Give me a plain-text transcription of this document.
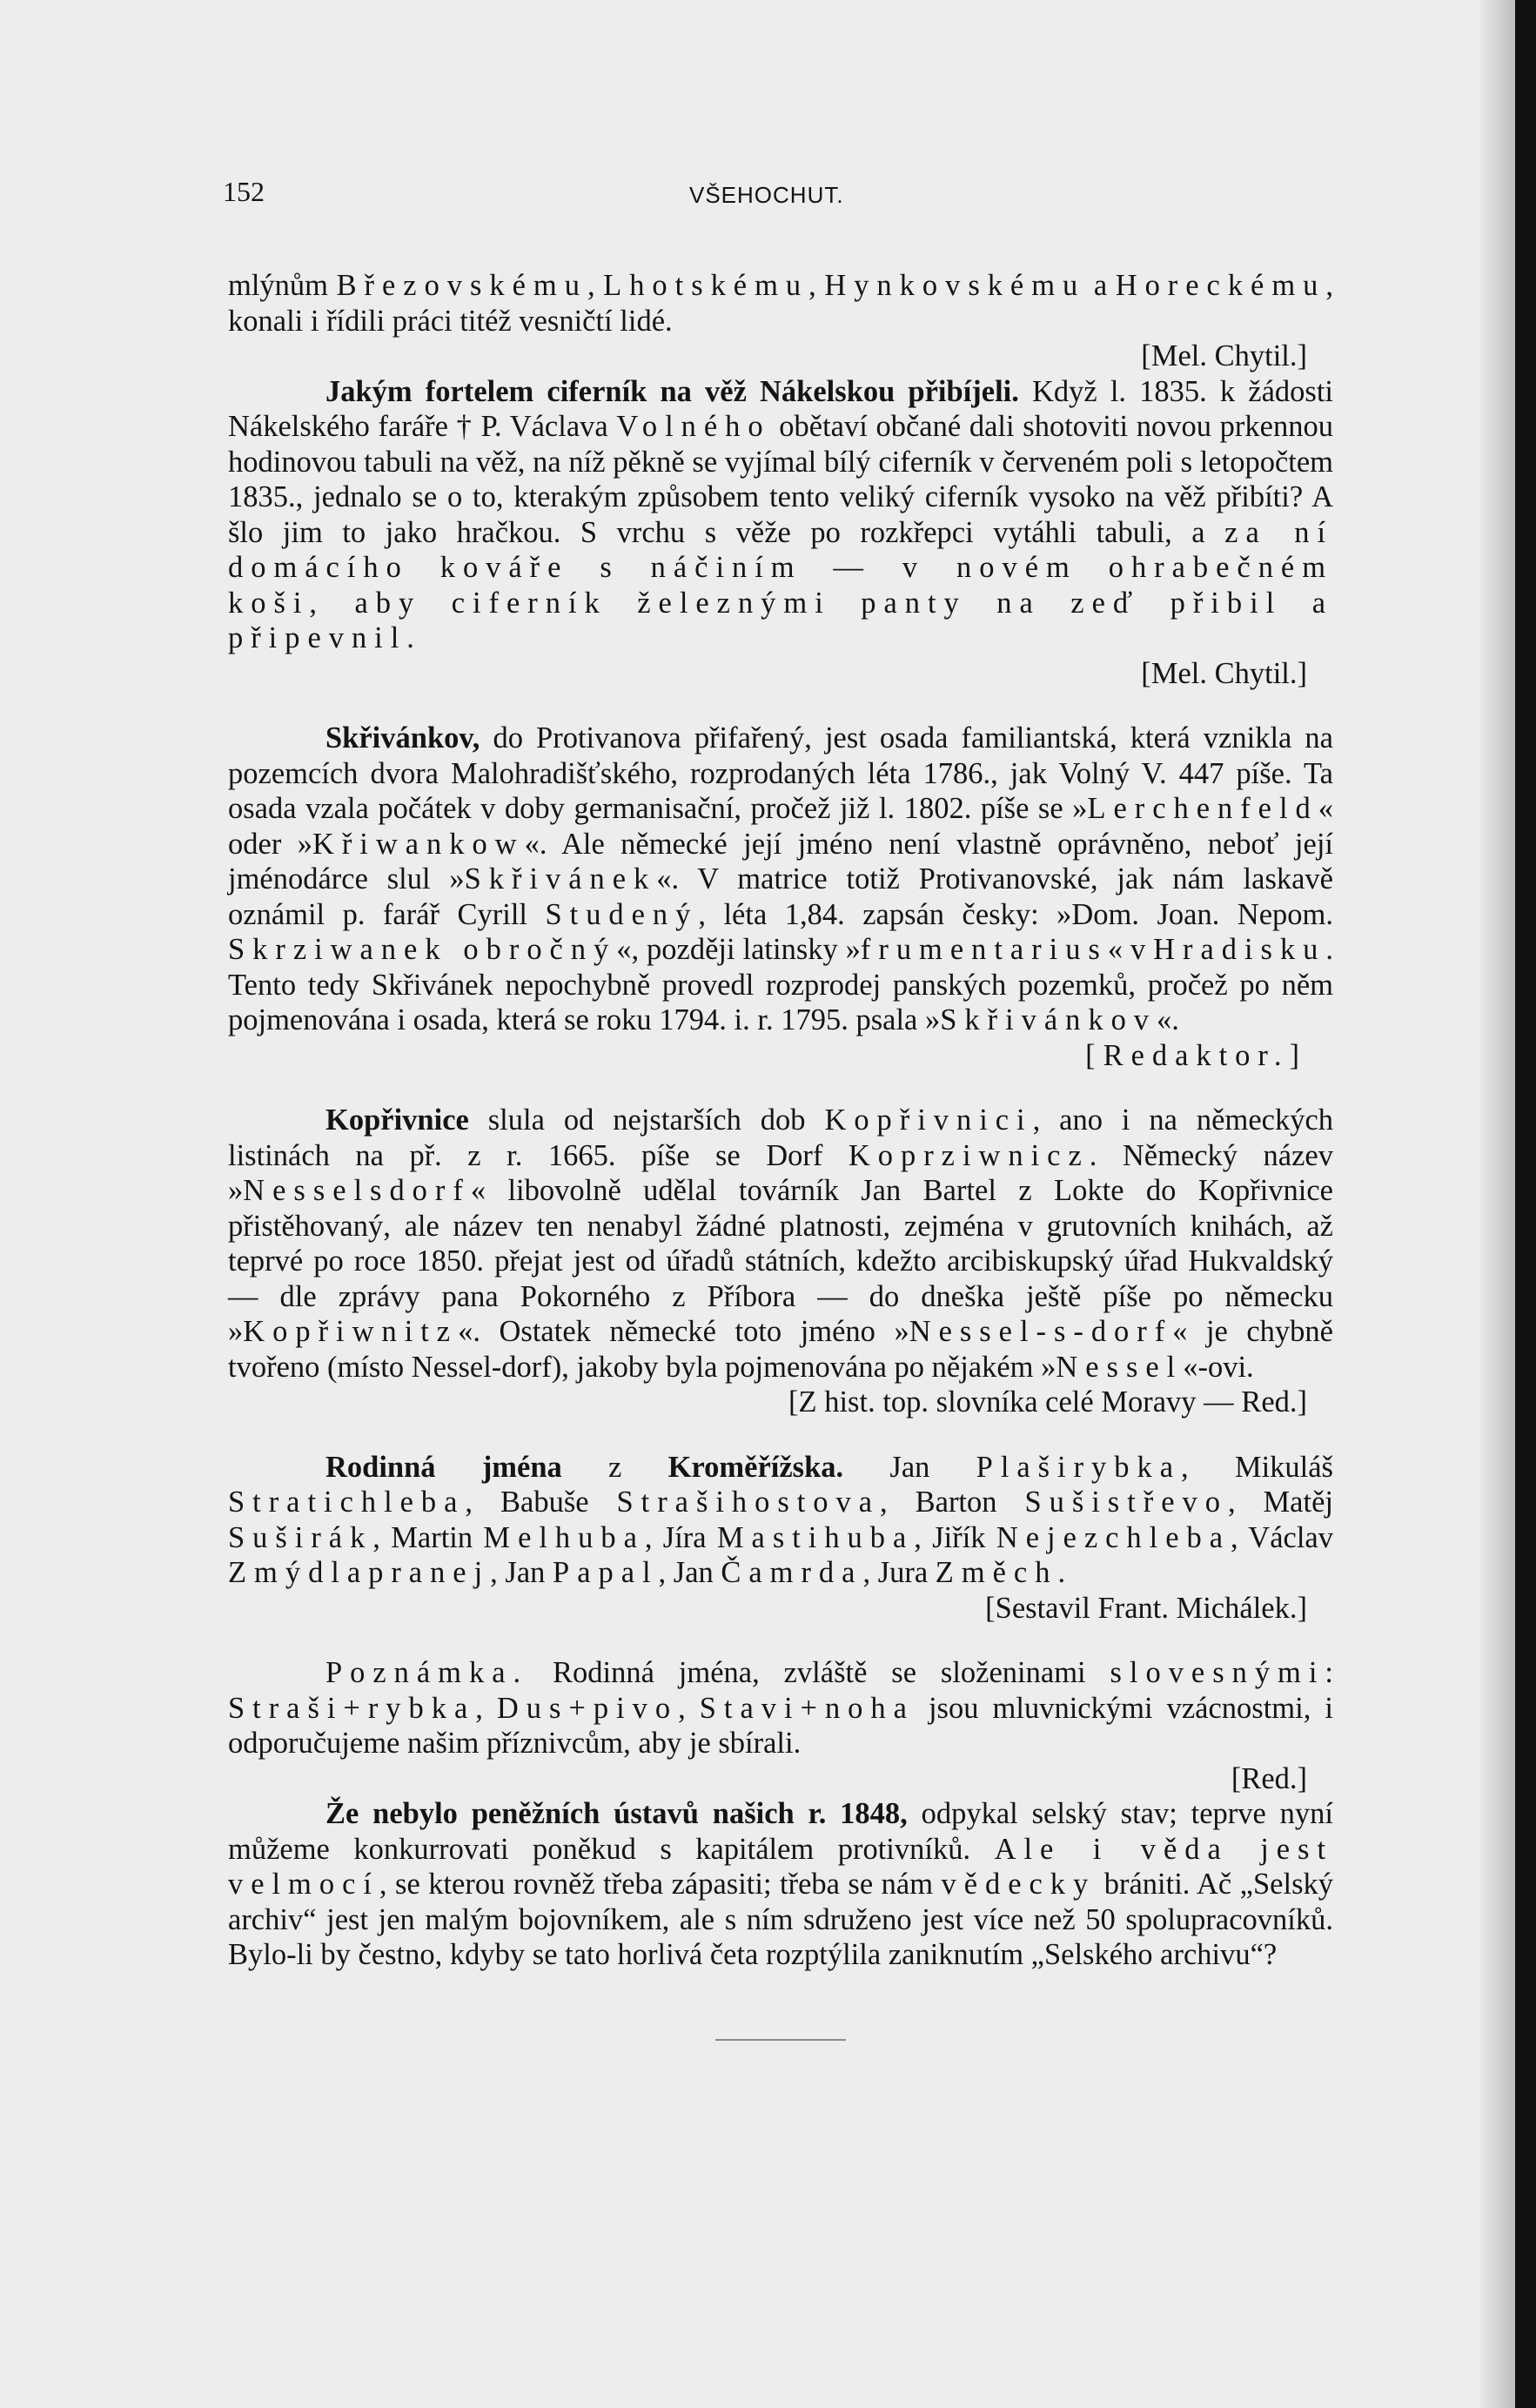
152	VŠEHOCHUT.

mlýnům Březovskému, Lhotskému, Hynkovskému a Horeckému, konali i řídili práci titéž vesničtí lidé.

[Mel. Chytil.]

Jakým fortelem ciferník na věž Nákelskou přibíjeli. Když l. 1835. k žádosti Nákelského faráře † P. Václava Volného obětaví občané dali shotoviti novou prkennou hodinovou tabuli na věž, na níž pěkně se vyjímal bílý ciferník v červeném poli s letopočtem 1835., jednalo se o to, kterakým způsobem tento veliký ciferník vysoko na věž přibíti? A šlo jim to jako hračkou. S vrchu s věže po rozkřepci vytáhli tabuli, a za ní domácího kováře s náčiním — v novém ohrabečném koši, aby ciferník železnými panty na zeď přibil a připevnil.

[Mel. Chytil.]

Skřivánkov, do Protivanova přifařený, jest osada familiantská, která vznikla na pozemcích dvora Malohradišťského, rozprodaných léta 1786., jak Volný V. 447 píše. Ta osada vzala počátek v doby germanisační, pročež již l. 1802. píše se »Lerchenfeld« oder »Křiwankow«. Ale německé její jméno není vlastně oprávněno, neboť její jménodárce slul »Skřivánek«. V matrice totiž Protivanovské, jak nám laskavě oznámil p. farář Cyrill Studený, léta 1,84. zapsán česky: »Dom. Joan. Nepom. Skrziwanek obročný«, později latinsky »frumentarius« v Hradisku. Tento tedy Skřivánek nepochybně provedl rozprodej panských pozemků, pročež po něm pojmenována i osada, která se roku 1794. i. r. 1795. psala »Skřivánkov«.

[Redaktor.]

Kopřivnice slula od nejstarších dob Kopřivnici, ano i na německých listinách na př. z r. 1665. píše se Dorf Koprziwnicz. Německý název »Nesselsdorf« libovolně udělal továrník Jan Bartel z Lokte do Kopřivnice přistěhovaný, ale název ten nenabyl žádné platnosti, zejména v grutovních knihách, až teprvé po roce 1850. přejat jest od úřadů státních, kdežto arcibiskupský úřad Hukvaldský — dle zprávy pana Pokorného z Příbora — do dneška ještě píše po německu »Kopřiwnitz«. Ostatek německé toto jméno »Nessel-s-dorf« je chybně tvořeno (místo Nessel-dorf), jakoby byla pojmenována po nějakém »Nessel«-ovi.

[Z hist. top. slovníka celé Moravy — Red.]

Rodinná jména z Kroměřížska. Jan Plaširybka, Mikuláš Stratichleba, Babuše Strašihostova, Barton Sušistřevo, Matěj Suširák, Martin Melhuba, Jíra Mastihuba, Jiřík Nejezchleba, Václav Zmýdlapranej, Jan Papal, Jan Čamrda, Jura Změch.

[Sestavil Frant. Michálek.]

Poznámka. Rodinná jména, zvláště se složeninami slovesnými: Straši+rybka, Dus+pivo, Stavi+noha jsou mluvnickými vzácnostmi, i odporučujeme našim příznivcům, aby je sbírali.

[Red.]

Že nebylo peněžních ústavů našich r. 1848, odpykal selský stav; teprve nyní můžeme konkurrovati poněkud s kapitálem protivníků. Ale i věda jest velmocí, se kterou rovněž třeba zápasiti; třeba se nám vědecky brániti. Ač „Selský archiv“ jest jen malým bojovníkem, ale s ním sdruženo jest více než 50 spolupracovníků. Bylo-li by čestno, kdyby se tato horlivá četa rozptýlila zaniknutím „Selského archivu“?
